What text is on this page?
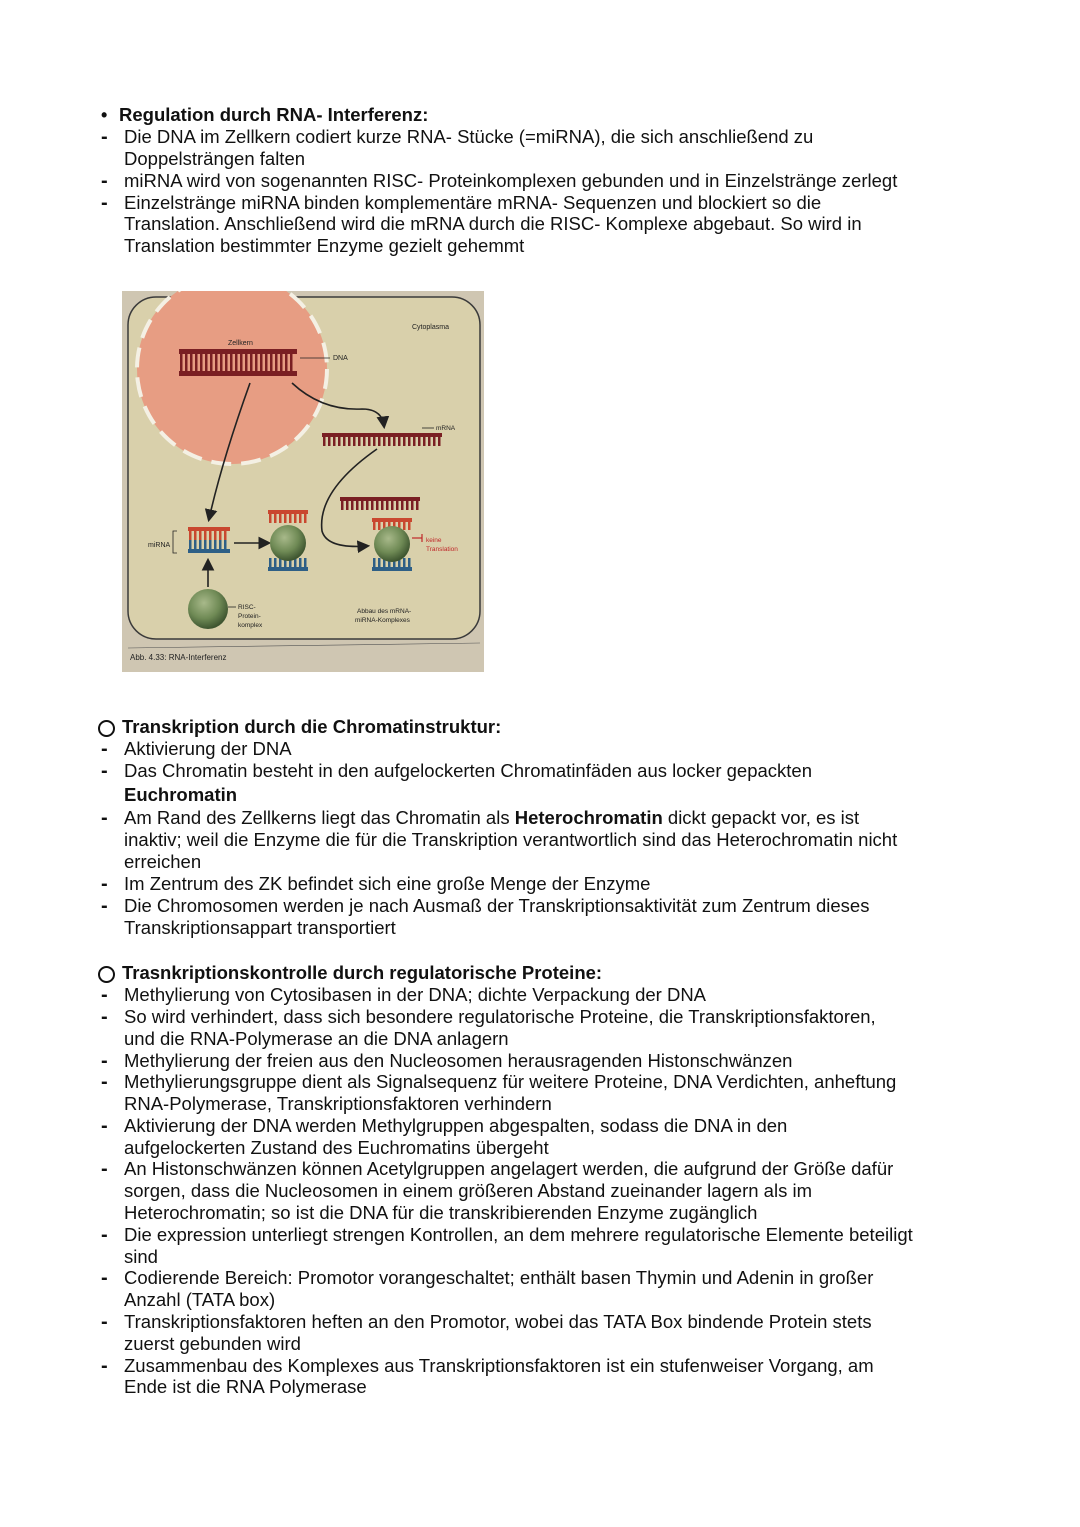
• Regulation durch RNA- Interferenz:
- Die DNA im Zellkern codiert kurze RNA- Stücke (=miRNA), die sich anschließend zu
Doppelsträngen falten
- miRNA wird von sogenannten RISC- Proteinkomplexen gebunden und in Einzelstränge zerlegt
- Einzelstränge miRNA binden komplementäre mRNA- Sequenzen und blockiert so die
Translation. Anschließend wird die mRNA durch die RISC- Komplexe abgebaut. So wird in
Translation bestimmter Enzyme gezielt gehemmt
Zellkern
DNA
Cytoplasma
mRNA
miRNA
keine
Translation
RISC-
Protein-
komplex
Abbau des mRNA-
miRNA-Komplexes
Abb. 4.33: RNA-Interferenz
Transkription durch die Chromatinstruktur:
- Aktivierung der DNA
- Das Chromatin besteht in den aufgelockerten Chromatinfäden aus locker gepackten
Euchromatin
- Am Rand des Zellkerns liegt das Chromatin als Heterochromatin dickt gepackt vor, es ist
inaktiv; weil die Enzyme die für die Transkription verantwortlich sind das Heterochromatin nicht
erreichen
- Im Zentrum des ZK befindet sich eine große Menge der Enzyme
- Die Chromosomen werden je nach Ausmaß der Transkriptionsaktivität zum Zentrum dieses
Transkriptionsappart transportiert
Trasnkriptionskontrolle durch regulatorische Proteine:
- Methylierung von Cytosibasen in der DNA; dichte Verpackung der DNA
- So wird verhindert, dass sich besondere regulatorische Proteine, die Transkriptionsfaktoren,
und die RNA-Polymerase an die DNA anlagern
- Methylierung der freien aus den Nucleosomen herausragenden Histonschwänzen
- Methylierungsgruppe dient als Signalsequenz für weitere Proteine, DNA Verdichten, anheftung
RNA-Polymerase, Transkriptionsfaktoren verhindern
- Aktivierung der DNA werden Methylgruppen abgespalten, sodass die DNA in den
aufgelockerten Zustand des Euchromatins übergeht
- An Histonschwänzen können Acetylgruppen angelagert werden, die aufgrund der Größe dafür
sorgen, dass die Nucleosomen in einem größeren Abstand zueinander lagern als im
Heterochromatin; so ist die DNA für die transkribierenden Enzyme zugänglich
- Die expression unterliegt strengen Kontrollen, an dem mehrere regulatorische Elemente beteiligt
sind
- Codierende Bereich: Promotor vorangeschaltet; enthält basen Thymin und Adenin in großer
Anzahl (TATA box)
- Transkriptionsfaktoren heften an den Promotor, wobei das TATA Box bindende Protein stets
zuerst gebunden wird
- Zusammenbau des Komplexes aus Transkriptionsfaktoren ist ein stufenweiser Vorgang, am
Ende ist die RNA Polymerase
